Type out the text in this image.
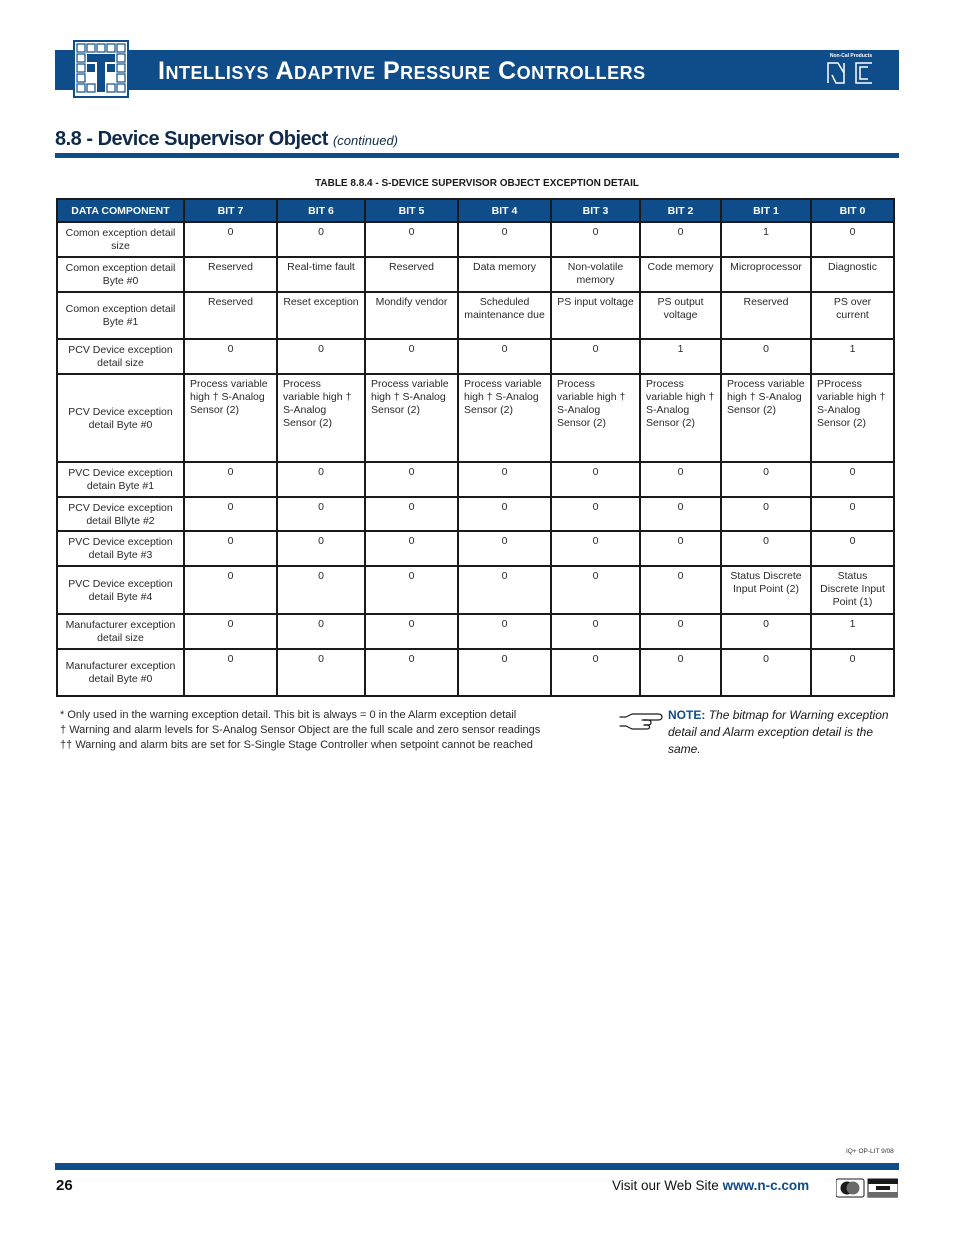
Intellisys Adaptive Pressure Controllers
Non-Cal Products
8.8 - Device Supervisor Object (continued)
TABLE 8.8.4 - S-DEVICE SUPERVISOR OBJECT EXCEPTION DETAIL
DATA COMPONENT	BIT 7	BIT 6	BIT 5	BIT 4	BIT 3	BIT 2	BIT 1	BIT 0
Comon exception detail size	0	0	0	0	0	0	1	0
Comon exception detail Byte #0	Reserved	Real-time fault	Reserved	Data memory	Non-volatile memory	Code memory	Microprocessor	Diagnostic
Comon exception detail Byte #1	Reserved	Reset exception	Mondify vendor	Scheduled maintenance due	PS input voltage	PS output voltage	Reserved	PS over current
PCV Device exception detail size	0	0	0	0	0	1	0	1
PCV Device exception detail Byte #0	Process variable high † S-Analog Sensor (2)	Process variable high † S-Analog Sensor (2)	Process variable high † S-Analog Sensor (2)	Process variable high † S-Analog Sensor (2)	Process variable high † S-Analog Sensor (2)	Process variable high † S-Analog Sensor (2)	Process variable high † S-Analog Sensor (2)	PProcess variable high † S-Analog Sensor (2)
PVC Device exception detain Byte #1	0	0	0	0	0	0	0	0
PCV Device exception detail Bllyte #2	0	0	0	0	0	0	0	0
PVC Device exception detail Byte #3	0	0	0	0	0	0	0	0
PVC Device exception detail Byte #4	0	0	0	0	0	0	Status Discrete Input Point (2)	Status Discrete Input Point (1)
Manufacturer exception detail size	0	0	0	0	0	0	0	1
Manufacturer exception detail Byte #0	0	0	0	0	0	0	0	0
* Only used in the warning exception detail. This bit is always = 0 in the Alarm exception detail
† Warning and alarm levels for S-Analog Sensor Object are the full scale and zero sensor readings
†† Warning and alarm bits are set for S-Single Stage Controller when setpoint cannot be reached
NOTE: The bitmap for Warning exception detail and Alarm exception detail is the same.
IQ+ OP-LIT 9/08
26	Visit our Web Site www.n-c.com
